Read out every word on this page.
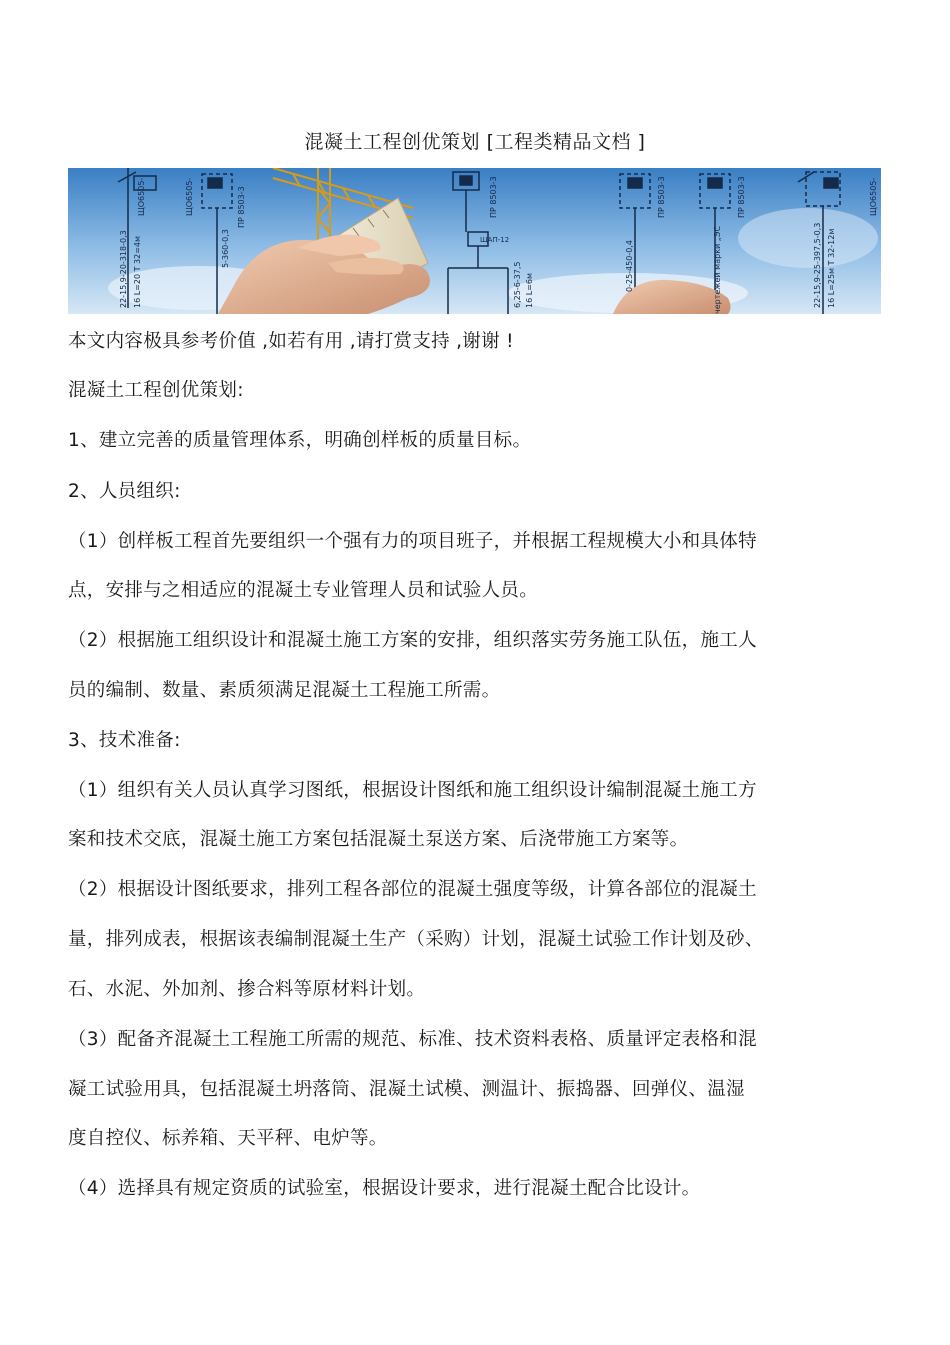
混凝土工程创优策划 [工程类精品文档 ]
ЩО6505-
22-15,9-20-318-0,3 16 L=20 T 32=4м
ЩО6505-
5-360-0,3
ПР 8503-3
ЩАП-12
ПР 8503-3
6,25-6-37,5 16 L=6м	0-25-450-0,4
ПР 8503-3
чертежей марки „ЭС
ПР 8503-3
22-15,9-25-397,5-0,3 16 L=25м T 32-12м
ЩО6505-
本文内容极具参考价值 ,如若有用 ,请打赏支持 ,谢谢 !
混凝土工程创优策划:
1、建立完善的质量管理体系，明确创样板的质量目标。
2、人员组织:
（1）创样板工程首先要组织一个强有力的项目班子，并根据工程规模大小和具体特
点，安排与之相适应的混凝土专业管理人员和试验人员。
（2）根据施工组织设计和混凝土施工方案的安排，组织落实劳务施工队伍，施工人
员的编制、数量、素质须满足混凝土工程施工所需。
3、技术准备:
（1）组织有关人员认真学习图纸，根据设计图纸和施工组织设计编制混凝土施工方
案和技术交底，混凝土施工方案包括混凝土泵送方案、后浇带施工方案等。
（2）根据设计图纸要求，排列工程各部位的混凝土强度等级，计算各部位的混凝土
量，排列成表，根据该表编制混凝土生产（采购）计划，混凝土试验工作计划及砂、
石、水泥、外加剂、掺合料等原材料计划。
（3）配备齐混凝土工程施工所需的规范、标准、技术资料表格、质量评定表格和混
凝工试验用具，包括混凝土坍落筒、混凝土试模、测温计、振捣器、回弹仪、温湿
度自控仪、标养箱、天平秤、电炉等。
（4）选择具有规定资质的试验室，根据设计要求，进行混凝土配合比设计。
